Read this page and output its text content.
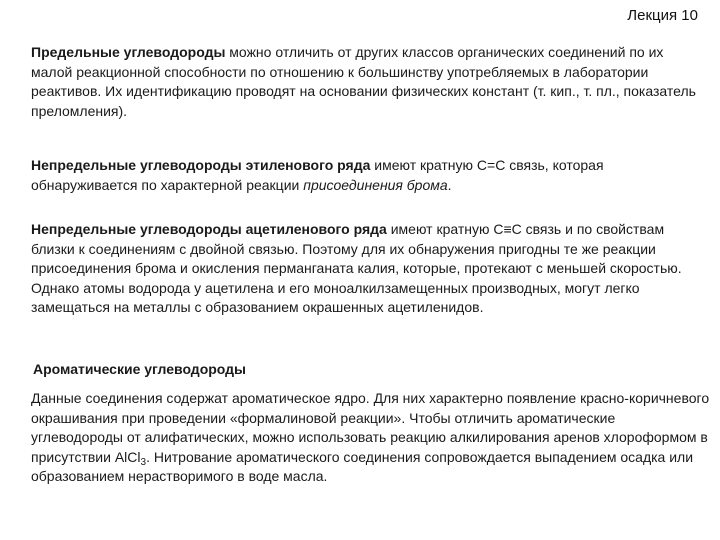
Лекция 10

Предельные углеводороды можно отличить от других классов органических соединений по их малой реакционной способности по отношению к большинству употребляемых в лаборатории реактивов. Их идентификацию проводят на основании физических констант (т. кип., т. пл., показатель преломления).

Непредельные углеводороды этиленового ряда имеют кратную С=С связь, которая обнаруживается по характерной реакции присоединения брома.

Непредельные углеводороды ацетиленового ряда имеют кратную С≡С связь и по свойствам близки к соединениям с двойной связью. Поэтому для их обнаружения пригодны те же реакции присоединения брома и окисления перманганата калия, которые, протекают с меньшей скоростью. Однако атомы водорода у ацетилена и его моноалкилзамещенных производных, могут легко замещаться на металлы с образованием окрашенных ацетиленидов.

Ароматические углеводороды

Данные соединения содержат ароматическое ядро. Для них характерно появление красно-коричневого окрашивания при проведении «формалиновой реакции». Чтобы отличить ароматические углеводороды от алифатических, можно использовать реакцию алкилирования аренов хлороформом в присутствии AlCl$_3$. Нитрование ароматического соединения сопровождается выпадением осадка или образованием нерастворимого в воде масла.
